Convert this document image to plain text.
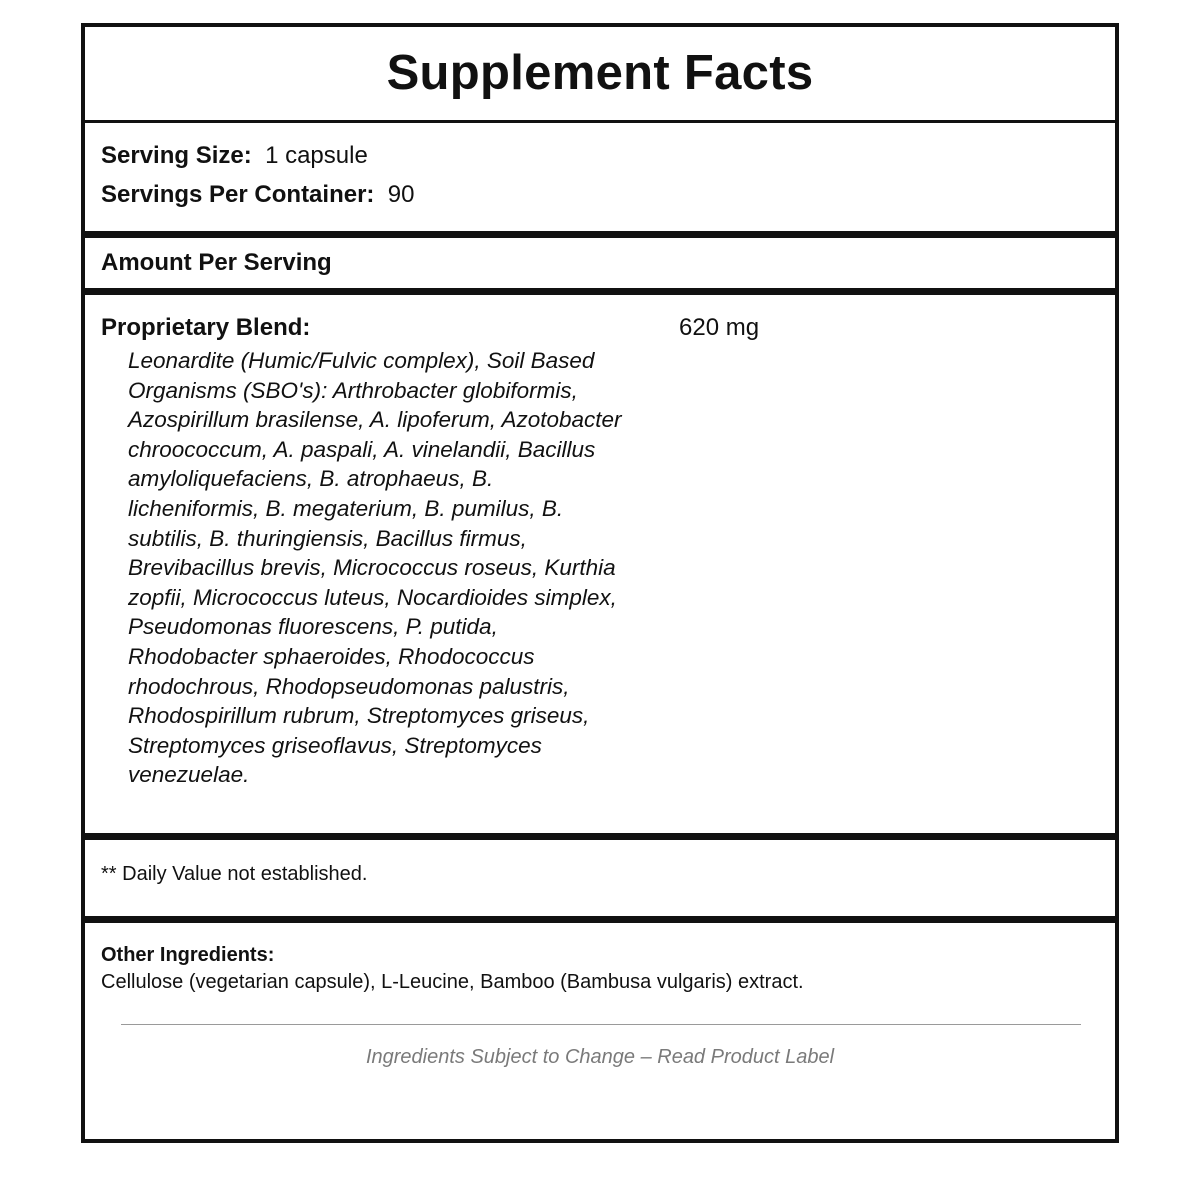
Supplement Facts
Serving Size: 1 capsule
Servings Per Container: 90
Amount Per Serving
Proprietary Blend:	620 mg
Leonardite (Humic/Fulvic complex), Soil Based Organisms (SBO's): Arthrobacter globiformis, Azospirillum brasilense, A. lipoferum, Azotobacter chroococcum, A. paspali, A. vinelandii, Bacillus amyloliquefaciens, B. atrophaeus, B. licheniformis, B. megaterium, B. pumilus, B. subtilis, B. thuringiensis, Bacillus firmus, Brevibacillus brevis, Micrococcus roseus, Kurthia zopfii, Micrococcus luteus, Nocardioides simplex, Pseudomonas fluorescens, P. putida, Rhodobacter sphaeroides, Rhodococcus rhodochrous, Rhodopseudomonas palustris, Rhodospirillum rubrum, Streptomyces griseus, Streptomyces griseoflavus, Streptomyces venezuelae.
** Daily Value not established.
Other Ingredients:
Cellulose (vegetarian capsule), L-Leucine, Bamboo (Bambusa vulgaris) extract.
Ingredients Subject to Change – Read Product Label
